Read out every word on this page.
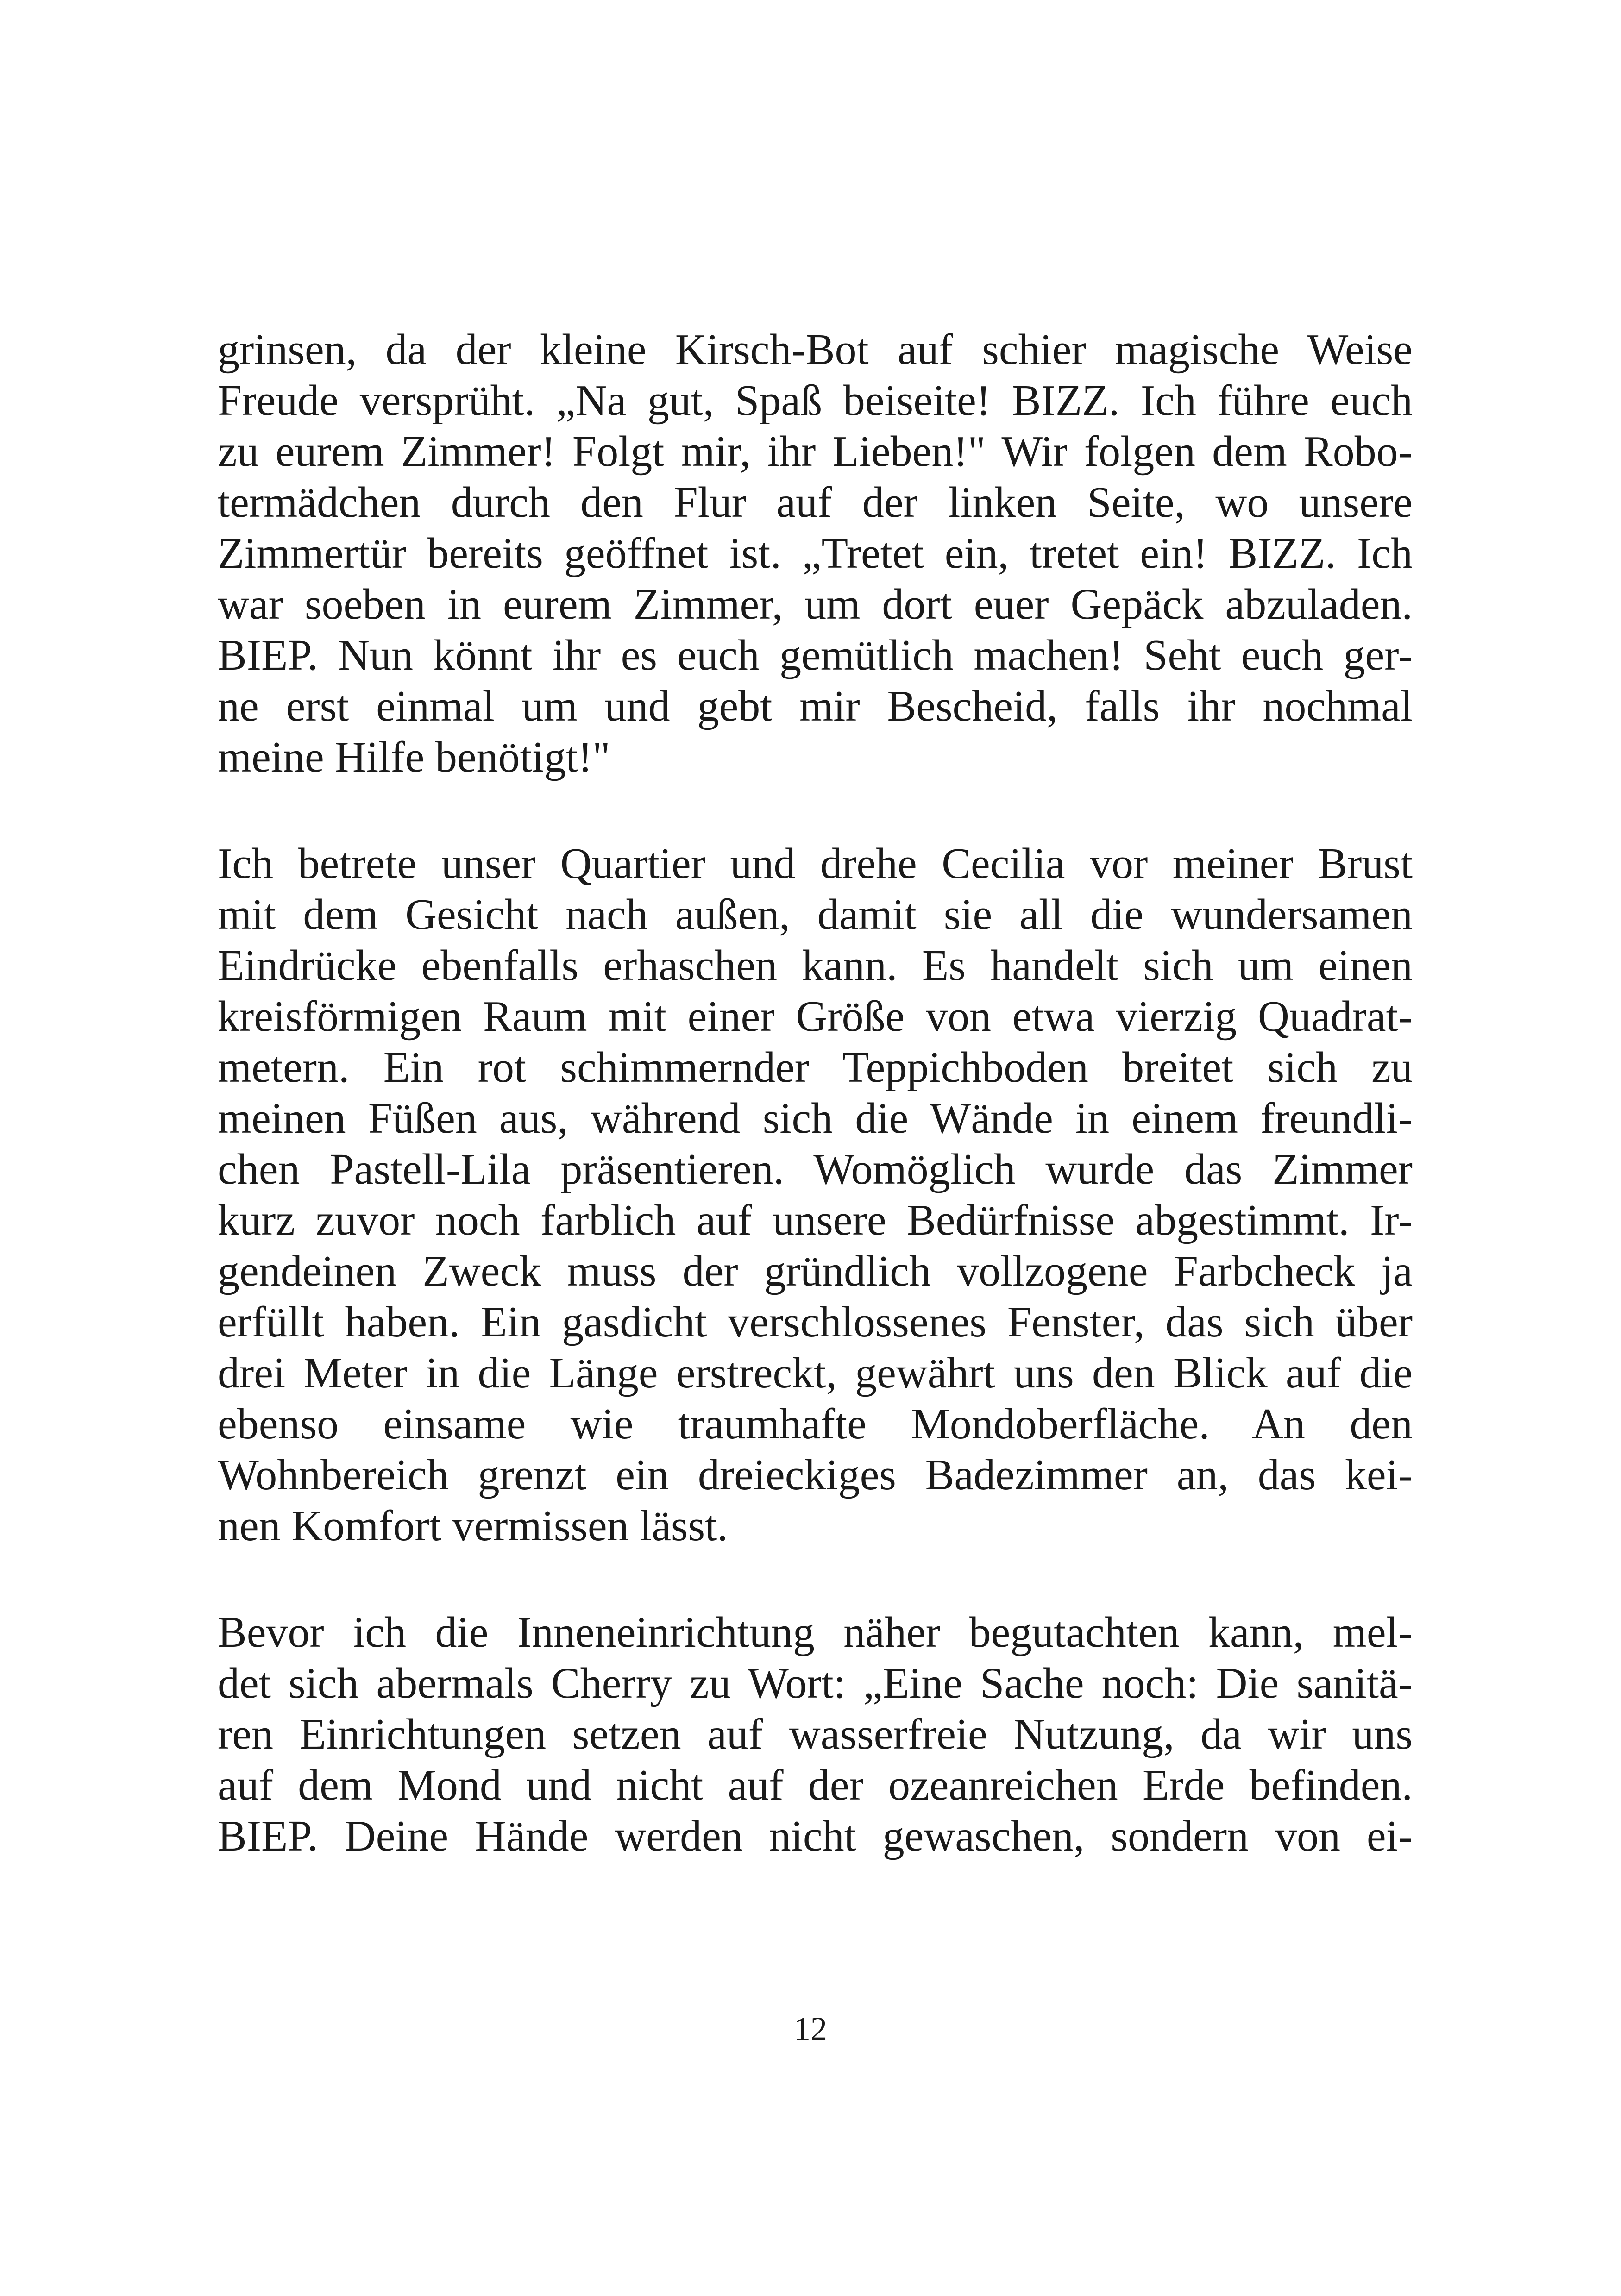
grinsen, da der kleine Kirsch-Bot auf schier magische Weise
Freude versprüht. „Na gut, Spaß beiseite! BIZZ. Ich führe euch
zu eurem Zimmer! Folgt mir, ihr Lieben!" Wir folgen dem Robo-
termädchen durch den Flur auf der linken Seite, wo unsere
Zimmertür bereits geöffnet ist. „Tretet ein, tretet ein! BIZZ. Ich
war soeben in eurem Zimmer, um dort euer Gepäck abzuladen.
BIEP. Nun könnt ihr es euch gemütlich machen! Seht euch ger-
ne erst einmal um und gebt mir Bescheid, falls ihr nochmal
meine Hilfe benötigt!"
Ich betrete unser Quartier und drehe Cecilia vor meiner Brust
mit dem Gesicht nach außen, damit sie all die wundersamen
Eindrücke ebenfalls erhaschen kann. Es handelt sich um einen
kreisförmigen Raum mit einer Größe von etwa vierzig Quadrat-
metern. Ein rot schimmernder Teppichboden breitet sich zu
meinen Füßen aus, während sich die Wände in einem freundli-
chen Pastell-Lila präsentieren. Womöglich wurde das Zimmer
kurz zuvor noch farblich auf unsere Bedürfnisse abgestimmt. Ir-
gendeinen Zweck muss der gründlich vollzogene Farbcheck ja
erfüllt haben. Ein gasdicht verschlossenes Fenster, das sich über
drei Meter in die Länge erstreckt, gewährt uns den Blick auf die
ebenso einsame wie traumhafte Mondoberfläche. An den
Wohnbereich grenzt ein dreieckiges Badezimmer an, das kei-
nen Komfort vermissen lässt.
Bevor ich die Inneneinrichtung näher begutachten kann, mel-
det sich abermals Cherry zu Wort: „Eine Sache noch: Die sanitä-
ren Einrichtungen setzen auf wasserfreie Nutzung, da wir uns
auf dem Mond und nicht auf der ozeanreichen Erde befinden.
BIEP. Deine Hände werden nicht gewaschen, sondern von ei-
12
